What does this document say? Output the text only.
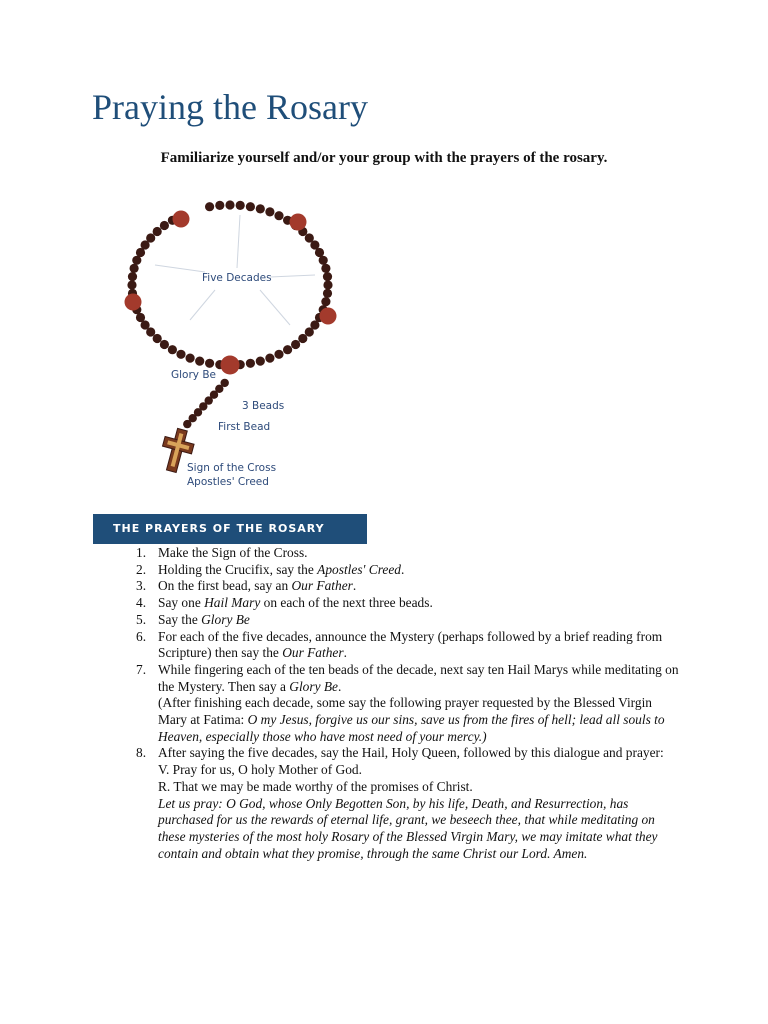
Praying the Rosary

Familiarize yourself and/or your group with the prayers of the rosary.

Five Decades
Glory Be
3 Beads
First Bead
Sign of the Cross
Apostles' Creed
THE PRAYERS OF THE ROSARY
1. Make the Sign of the Cross.
2. Holding the Crucifix, say the Apostles' Creed.
3. On the first bead, say an Our Father.
4. Say one Hail Mary on each of the next three beads.
5. Say the Glory Be
6. For each of the five decades, announce the Mystery (perhaps followed by a brief reading from Scripture) then say the Our Father.
7. While fingering each of the ten beads of the decade, next say ten Hail Marys while meditating on the Mystery. Then say a Glory Be.
(After finishing each decade, some say the following prayer requested by the Blessed Virgin Mary at Fatima: O my Jesus, forgive us our sins, save us from the fires of hell; lead all souls to Heaven, especially those who have most need of your mercy.)
8. After saying the five decades, say the Hail, Holy Queen, followed by this dialogue and prayer:
V. Pray for us, O holy Mother of God.
R. That we may be made worthy of the promises of Christ.
Let us pray: O God, whose Only Begotten Son, by his life, Death, and Resurrection, has purchased for us the rewards of eternal life, grant, we beseech thee, that while meditating on these mysteries of the most holy Rosary of the Blessed Virgin Mary, we may imitate what they contain and obtain what they promise, through the same Christ our Lord. Amen.
